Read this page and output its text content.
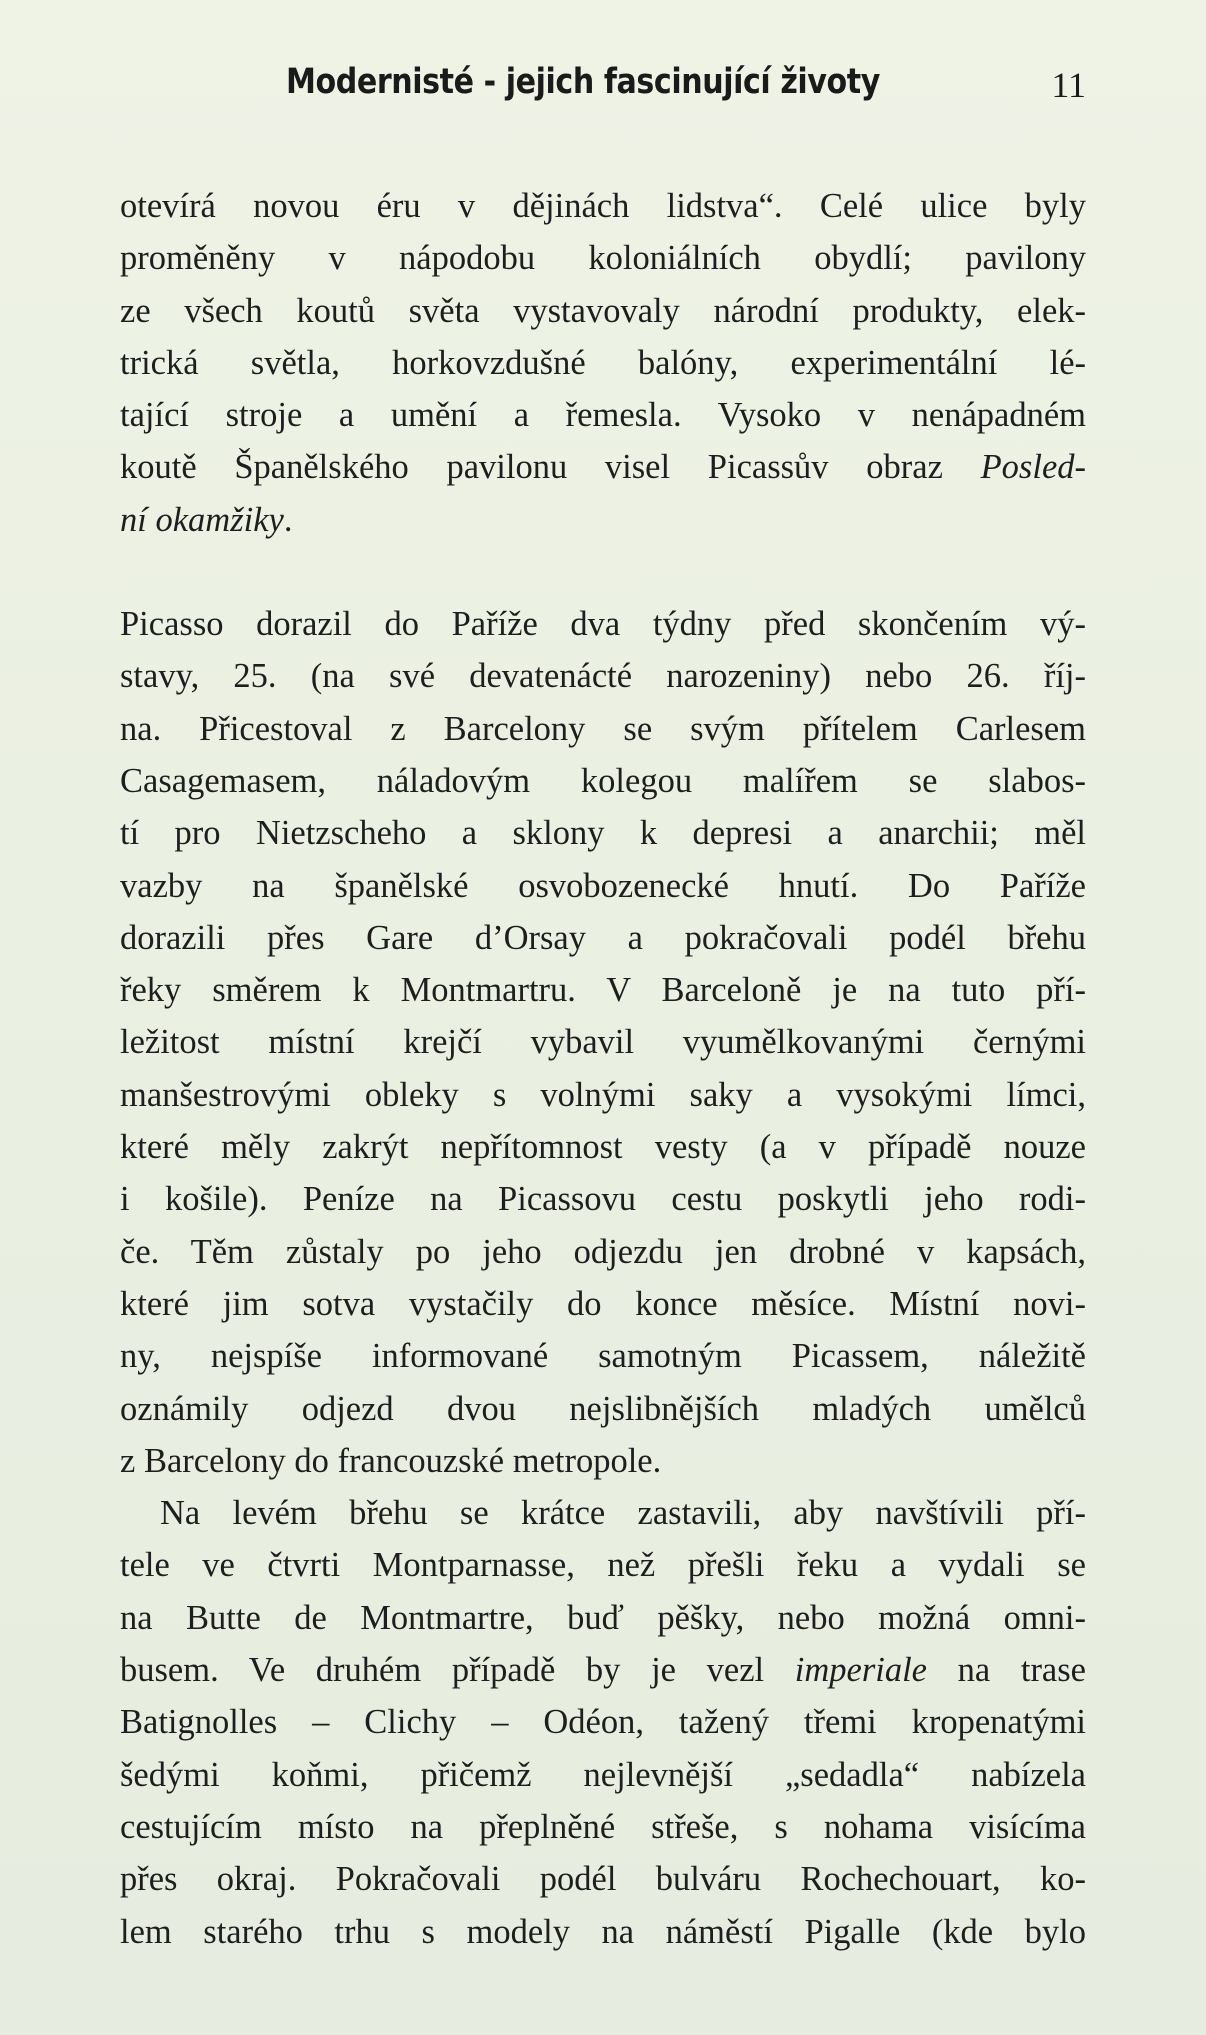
Modernisté - jejich fascinující životy	11

otevírá novou éru v dějinách lidstva“. Celé ulice byly
proměněny v nápodobu koloniálních obydlí; pavilony
ze všech koutů světa vystavovaly národní produkty, elek-
trická světla, horkovzdušné balóny, experimentální lé-
tající stroje a umění a řemesla. Vysoko v nenápadném
koutě Španělského pavilonu visel Picassův obraz Posled-
ní okamžiky.

Picasso dorazil do Paříže dva týdny před skončením vý-
stavy, 25. (na své devatenácté narozeniny) nebo 26. říj-
na. Přicestoval z Barcelony se svým přítelem Carlesem
Casagemasem, náladovým kolegou malířem se slabos-
tí pro Nietzscheho a sklony k depresi a anarchii; měl
vazby na španělské osvobozenecké hnutí. Do Paříže
dorazili přes Gare d’Orsay a pokračovali podél břehu
řeky směrem k Montmartru. V Barceloně je na tuto pří-
ležitost místní krejčí vybavil vyumělkovanými černými
manšestrovými obleky s volnými saky a vysokými límci,
které měly zakrýt nepřítomnost vesty (a v případě nouze
i košile). Peníze na Picassovu cestu poskytli jeho rodi-
če. Těm zůstaly po jeho odjezdu jen drobné v kapsách,
které jim sotva vystačily do konce měsíce. Místní novi-
ny, nejspíše informované samotným Picassem, náležitě
oznámily odjezd dvou nejslibnějších mladých umělců
z Barcelony do francouzské metropole.

Na levém břehu se krátce zastavili, aby navštívili pří-
tele ve čtvrti Montparnasse, než přešli řeku a vydali se
na Butte de Montmartre, buď pěšky, nebo možná omni-
busem. Ve druhém případě by je vezl imperiale na trase
Batignolles – Clichy – Odéon, tažený třemi kropenatými
šedými koňmi, přičemž nejlevnější „sedadla“ nabízela
cestujícím místo na přeplněné střeše, s nohama visícíma
přes okraj. Pokračovali podél bulváru Rochechouart, ko-
lem starého trhu s modely na náměstí Pigalle (kde bylo
